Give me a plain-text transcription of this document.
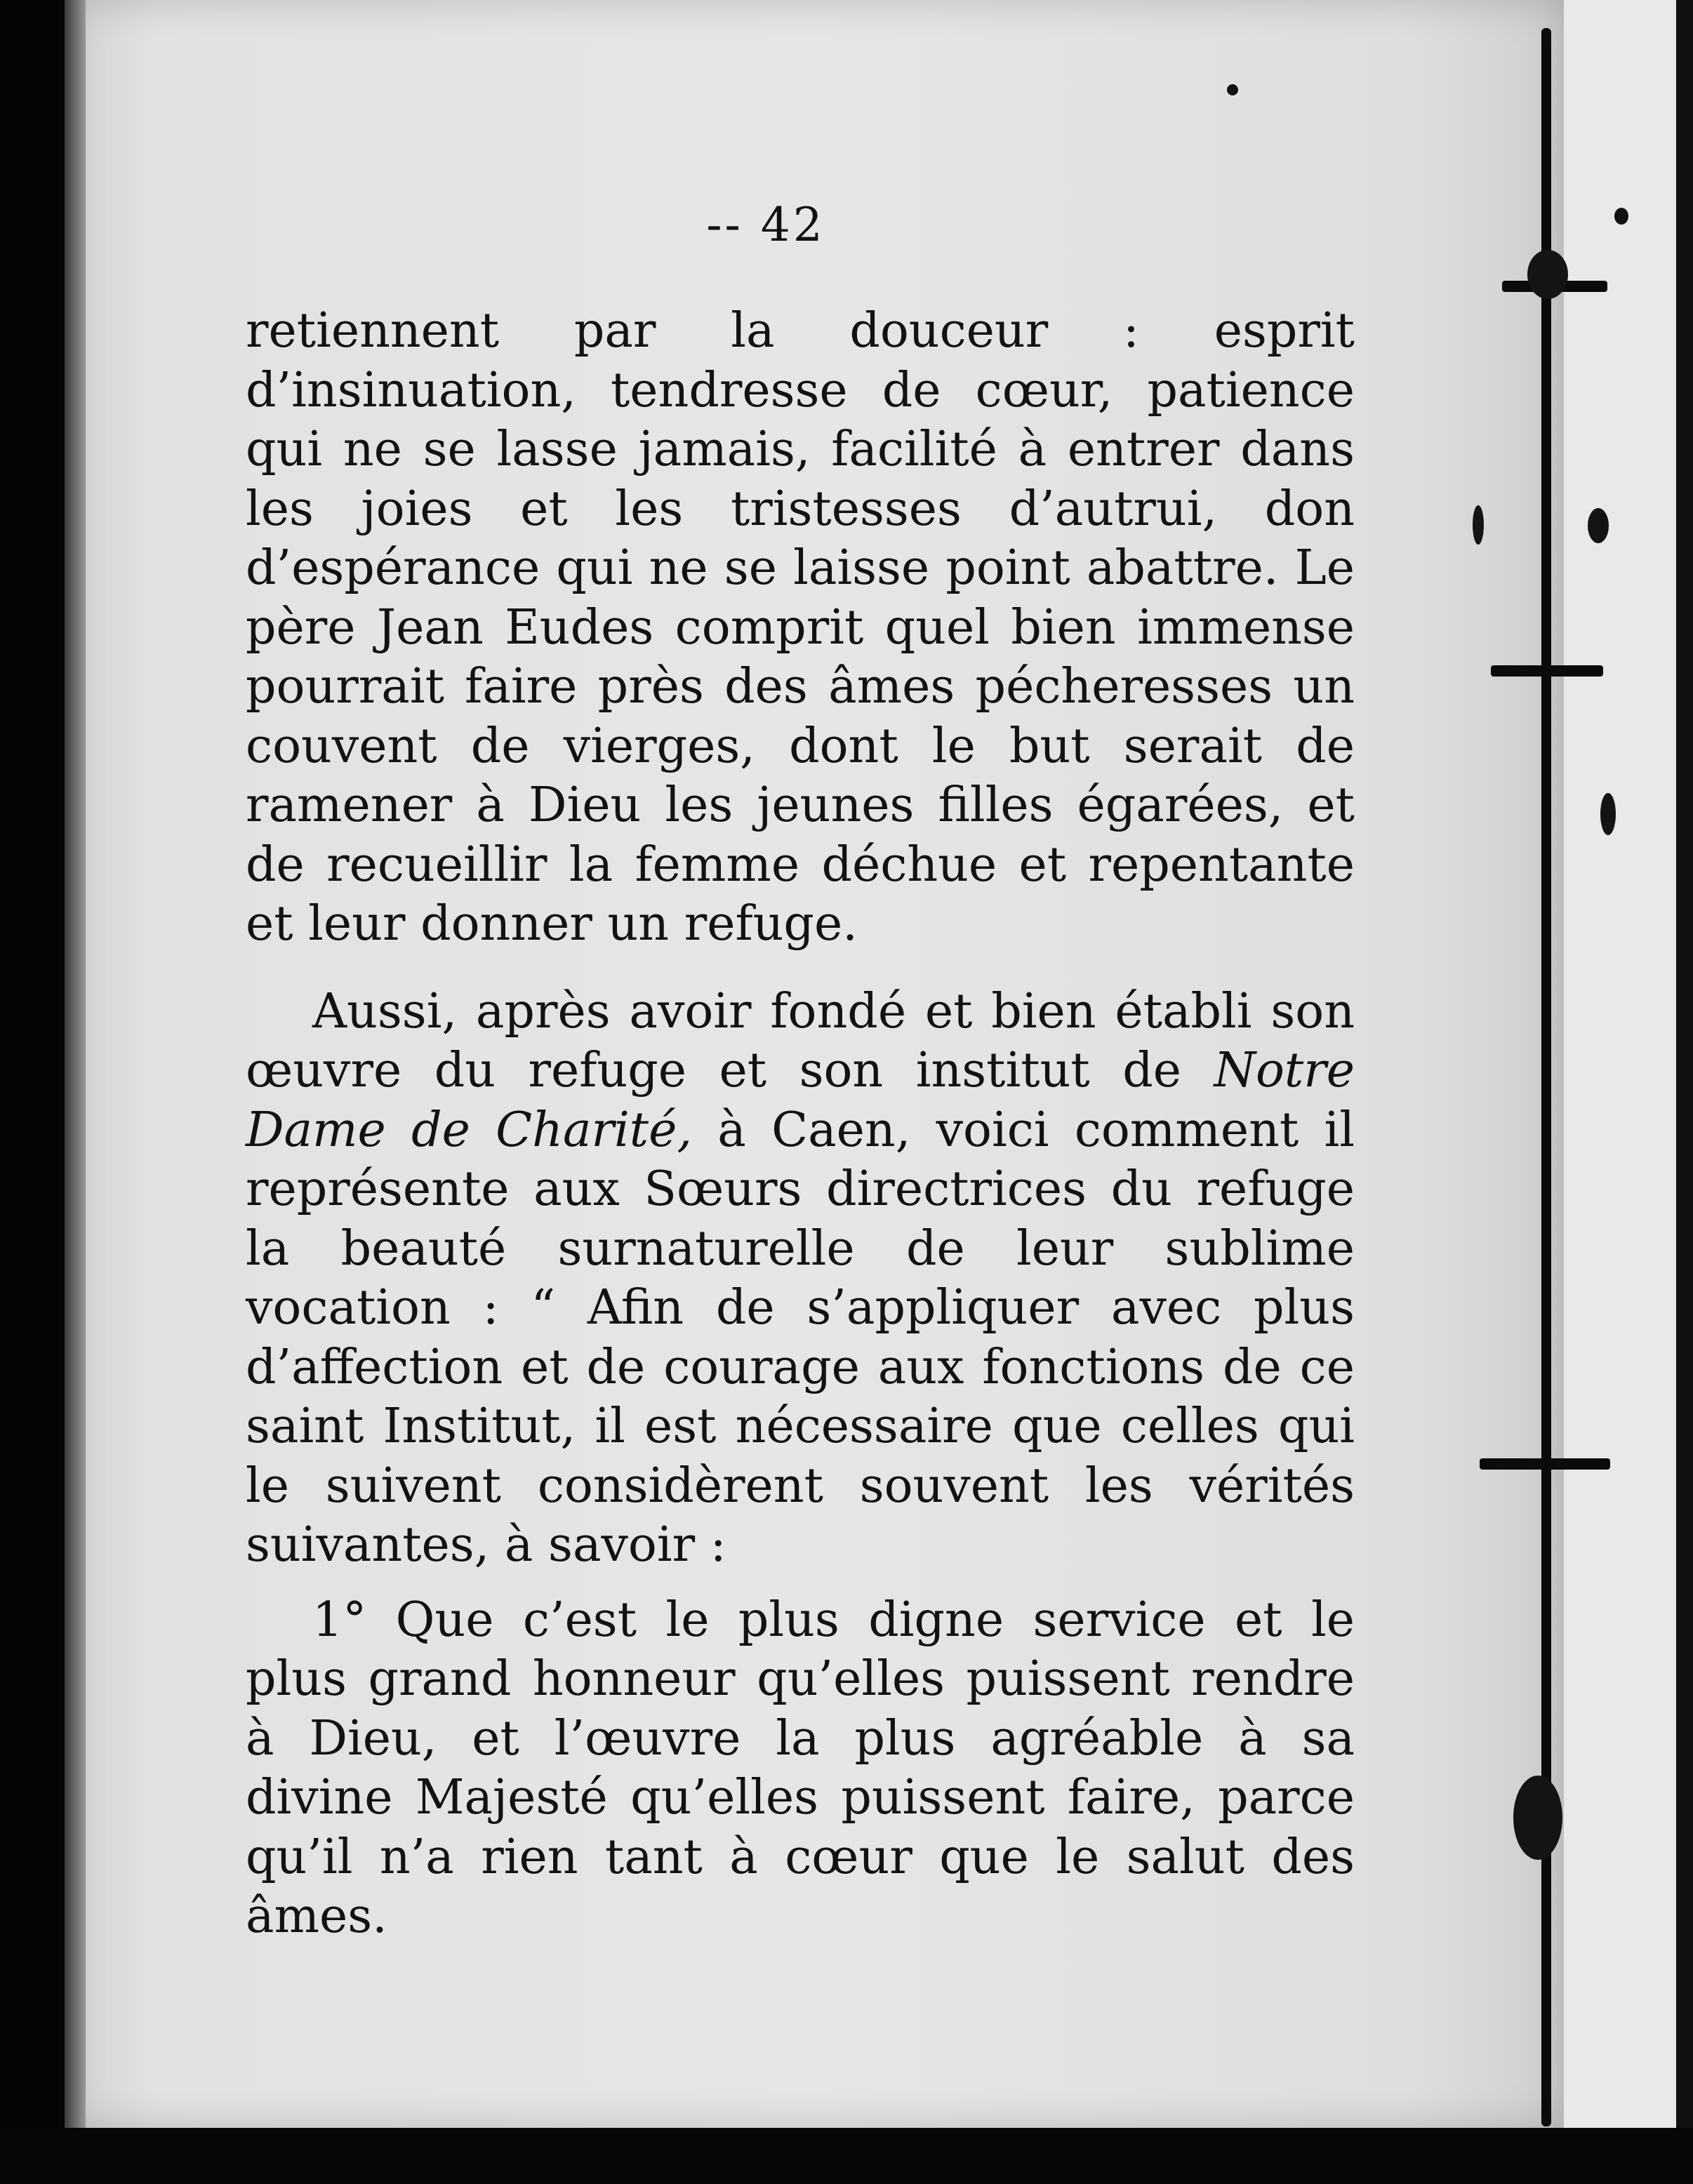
-- 42

retiennent par la douceur : esprit d’insinuation, tendresse de cœur, patience qui ne se lasse jamais, facilité à entrer dans les joies et les tristesses d’autrui, don d’espérance qui ne se laisse point abattre. Le père Jean Eudes comprit quel bien immense pourrait faire près des âmes pécheresses un couvent de vierges, dont le but serait de ramener à Dieu les jeunes filles égarées, et de recueillir la femme déchue et repentante et leur donner un refuge.

Aussi, après avoir fondé et bien établi son œuvre du refuge et son institut de Notre Dame de Charité, à Caen, voici comment il représente aux Sœurs directrices du refuge la beauté surnaturelle de leur sublime vocation : “ Afin de s’appliquer avec plus d’affection et de courage aux fonctions de ce saint Institut, il est nécessaire que celles qui le suivent considèrent souvent les vérités suivantes, à savoir :

1° Que c’est le plus digne service et le plus grand honneur qu’elles puissent rendre à Dieu, et l’œuvre la plus agréable à sa divine Majesté qu’elles puissent faire, parce qu’il n’a rien tant à cœur que le salut des âmes.
